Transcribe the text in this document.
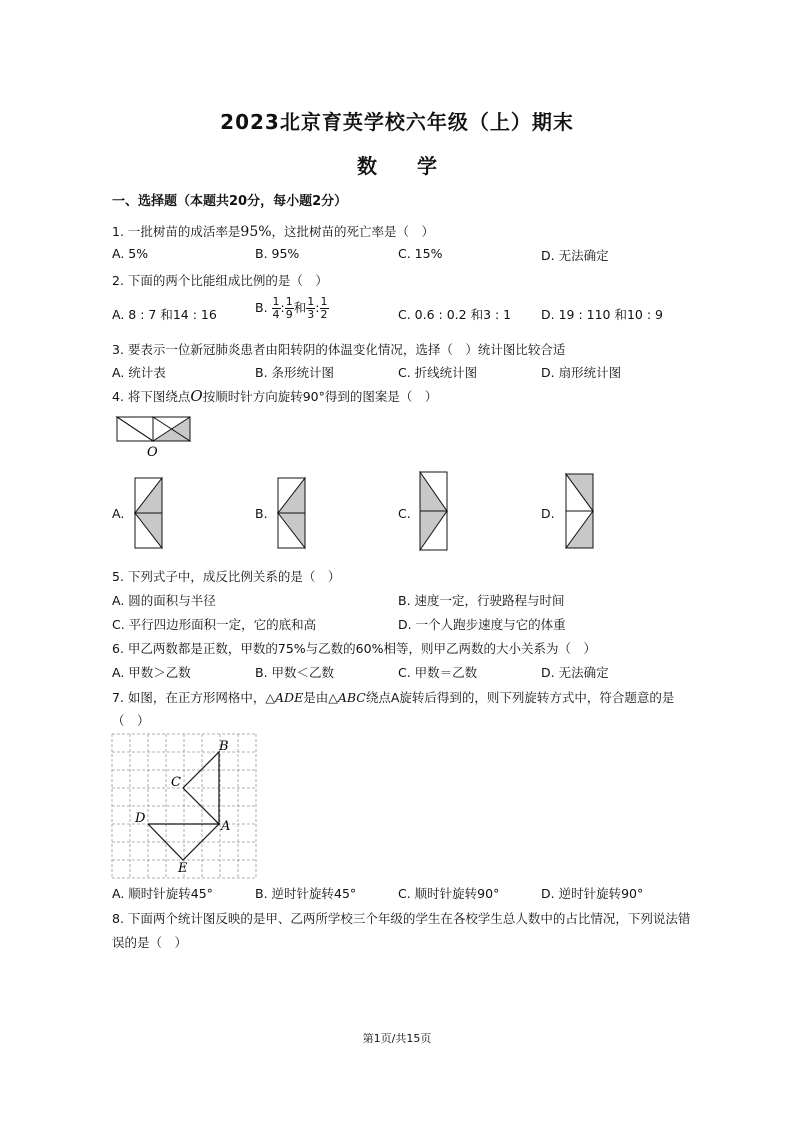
2023北京育英学校六年级（上）期末
数　　学
一、选择题（本题共20分，每小题2分）
1. 一批树苗的成活率是95%，这批树苗的死亡率是（　）
A. 5%	B. 95%	C. 15%	D. 无法确定
2. 下面的两个比能组成比例的是（　）
A. 8 : 7 和14 : 16	B. $\frac{1}{4}$ : $\frac{1}{9}$ 和 $\frac{1}{3}$ : $\frac{1}{2}$	C. 0.6 : 0.2 和3 : 1 D. 19 : 110 和10 : 9
3. 要表示一位新冠肺炎患者由阳转阴的体温变化情况，选择（　）统计图比较合适
A. 统计表	B. 条形统计图	C. 折线统计图	D. 扇形统计图
4. 将下图绕点O按顺时针方向旋转90°得到的图案是（　）
O
B
C
D
A
E
A.	B.	C.	D.
5. 下列式子中，成反比例关系的是（　）
A. 圆的面积与半径	B. 速度一定，行驶路程与时间
C. 平行四边形面积一定，它的底和高	D. 一个人跑步速度与它的体重
6. 甲乙两数都是正数，甲数的75%与乙数的60%相等，则甲乙两数的大小关系为（　）
A. 甲数＞乙数	B. 甲数＜乙数	C. 甲数＝乙数	D. 无法确定
7. 如图，在正方形网格中，△ADE是由△ABC绕点A旋转后得到的，则下列旋转方式中，符合题意的是
（　）
A. 顺时针旋转45°	B. 逆时针旋转45°	C. 顺时针旋转90°	D. 逆时针旋转90°
8. 下面两个统计图反映的是甲、乙两所学校三个年级的学生在各校学生总人数中的占比情况，下列说法错
误的是（　）
第1页/共15页
